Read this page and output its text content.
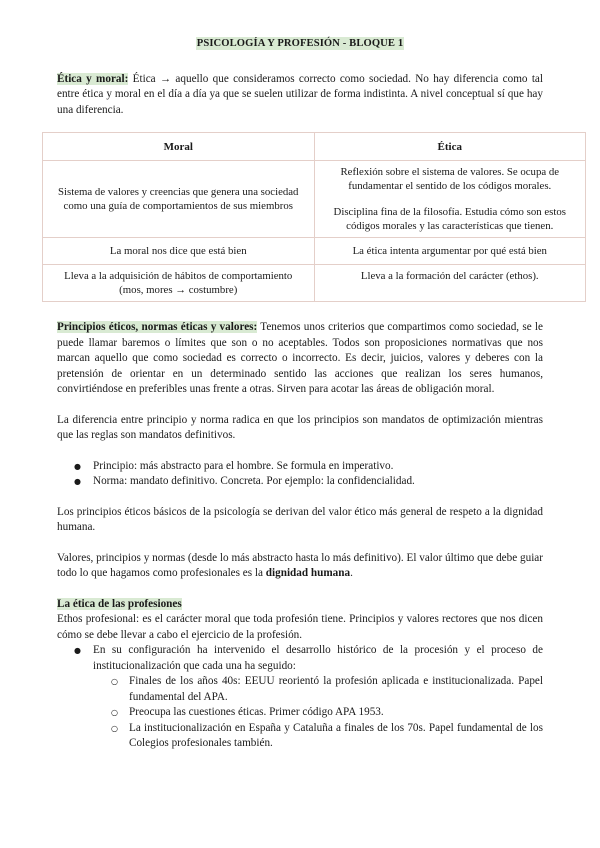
PSICOLOGÍA Y PROFESIÓN - BLOQUE 1

Ética y moral: Ética → aquello que consideramos correcto como sociedad. No hay diferencia como tal entre ética y moral en el día a día ya que se suelen utilizar de forma indistinta. A nivel conceptual sí que hay una diferencia.

Moral	Ética
Sistema de valores y creencias que genera una sociedad como una guía de comportamientos de sus miembros	Reflexión sobre el sistema de valores. Se ocupa de fundamentar el sentido de los códigos morales.
Disciplina fina de la filosofía. Estudia cómo son estos códigos morales y las características que tienen.

La moral nos dice que está bien	La ética intenta argumentar por qué está bien
Lleva a la adquisición de hábitos de comportamiento (mos, mores → costumbre)	Lleva a la formación del carácter (ethos).

Principios éticos, normas éticas y valores: Tenemos unos criterios que compartimos como sociedad, se le puede llamar baremos o límites que son o no aceptables. Todos son proposiciones normativas que nos marcan aquello que como sociedad es correcto o incorrecto. Es decir, juicios, valores y deberes con la pretensión de orientar en un determinado sentido las acciones que realizan los seres humanos, convirtiéndose en preferibles unas frente a otras. Sirven para acotar las áreas de obligación moral.

La diferencia entre principio y norma radica en que los principios son mandatos de optimización mientras que las reglas son mandatos definitivos.

● Principio: más abstracto para el hombre. Se formula en imperativo.
● Norma: mandato definitivo. Concreta. Por ejemplo: la confidencialidad.

Los principios éticos básicos de la psicología se derivan del valor ético más general de respeto a la dignidad humana.

Valores, principios y normas (desde lo más abstracto hasta lo más definitivo). El valor último que debe guiar todo lo que hagamos como profesionales es la dignidad humana.

La ética de las profesiones

Ethos profesional: es el carácter moral que toda profesión tiene. Principios y valores rectores que nos dicen cómo se debe llevar a cabo el ejercicio de la profesión.

● En su configuración ha intervenido el desarrollo histórico de la procesión y el proceso de institucionalización que cada una ha seguido:
○ Finales de los años 40s: EEUU reorientó la profesión aplicada e institucionalizada. Papel fundamental del APA.
○ Preocupa las cuestiones éticas. Primer código APA 1953.
○ La institucionalización en España y Cataluña a finales de los 70s. Papel fundamental de los Colegios profesionales también.
